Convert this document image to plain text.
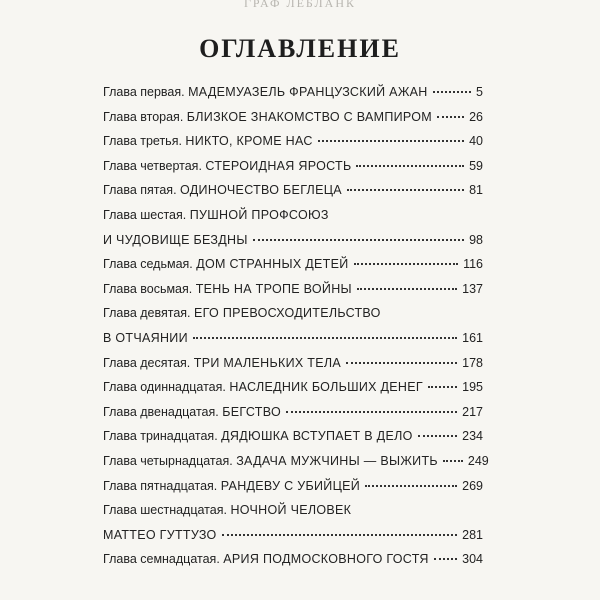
ГРАФ ЛЕБЛАНК
ОГЛАВЛЕНИЕ
Глава первая. МАДЕМУАЗЕЛЬ ФРАНЦУЗСКИЙ АЖАН	5
Глава вторая. БЛИЗКОЕ ЗНАКОМСТВО С ВАМПИРОМ	26
Глава третья. НИКТО, КРОМЕ НАС	40
Глава четвертая. СТЕРОИДНАЯ ЯРОСТЬ	59
Глава пятая. ОДИНОЧЕСТВО БЕГЛЕЦА	81
Глава шестая. ПУШНОЙ ПРОФСОЮЗ
И ЧУДОВИЩЕ БЕЗДНЫ	98
Глава седьмая. ДОМ СТРАННЫХ ДЕТЕЙ	116
Глава восьмая. ТЕНЬ НА ТРОПЕ ВОЙНЫ	137
Глава девятая. ЕГО ПРЕВОСХОДИТЕЛЬСТВО
В ОТЧАЯНИИ	161
Глава десятая. ТРИ МАЛЕНЬКИХ ТЕЛА	178
Глава одиннадцатая. НАСЛЕДНИК БОЛЬШИХ ДЕНЕГ	195
Глава двенадцатая. БЕГСТВО	217
Глава тринадцатая. ДЯДЮШКА ВСТУПАЕТ В ДЕЛО	234
Глава четырнадцатая. ЗАДАЧА МУЖЧИНЫ — ВЫЖИТЬ 249
Глава пятнадцатая. РАНДЕВУ С УБИЙЦЕЙ	269
Глава шестнадцатая. НОЧНОЙ ЧЕЛОВЕК
МАТТЕО ГУТТУЗО	281
Глава семнадцатая. АРИЯ ПОДМОСКОВНОГО ГОСТЯ	304
